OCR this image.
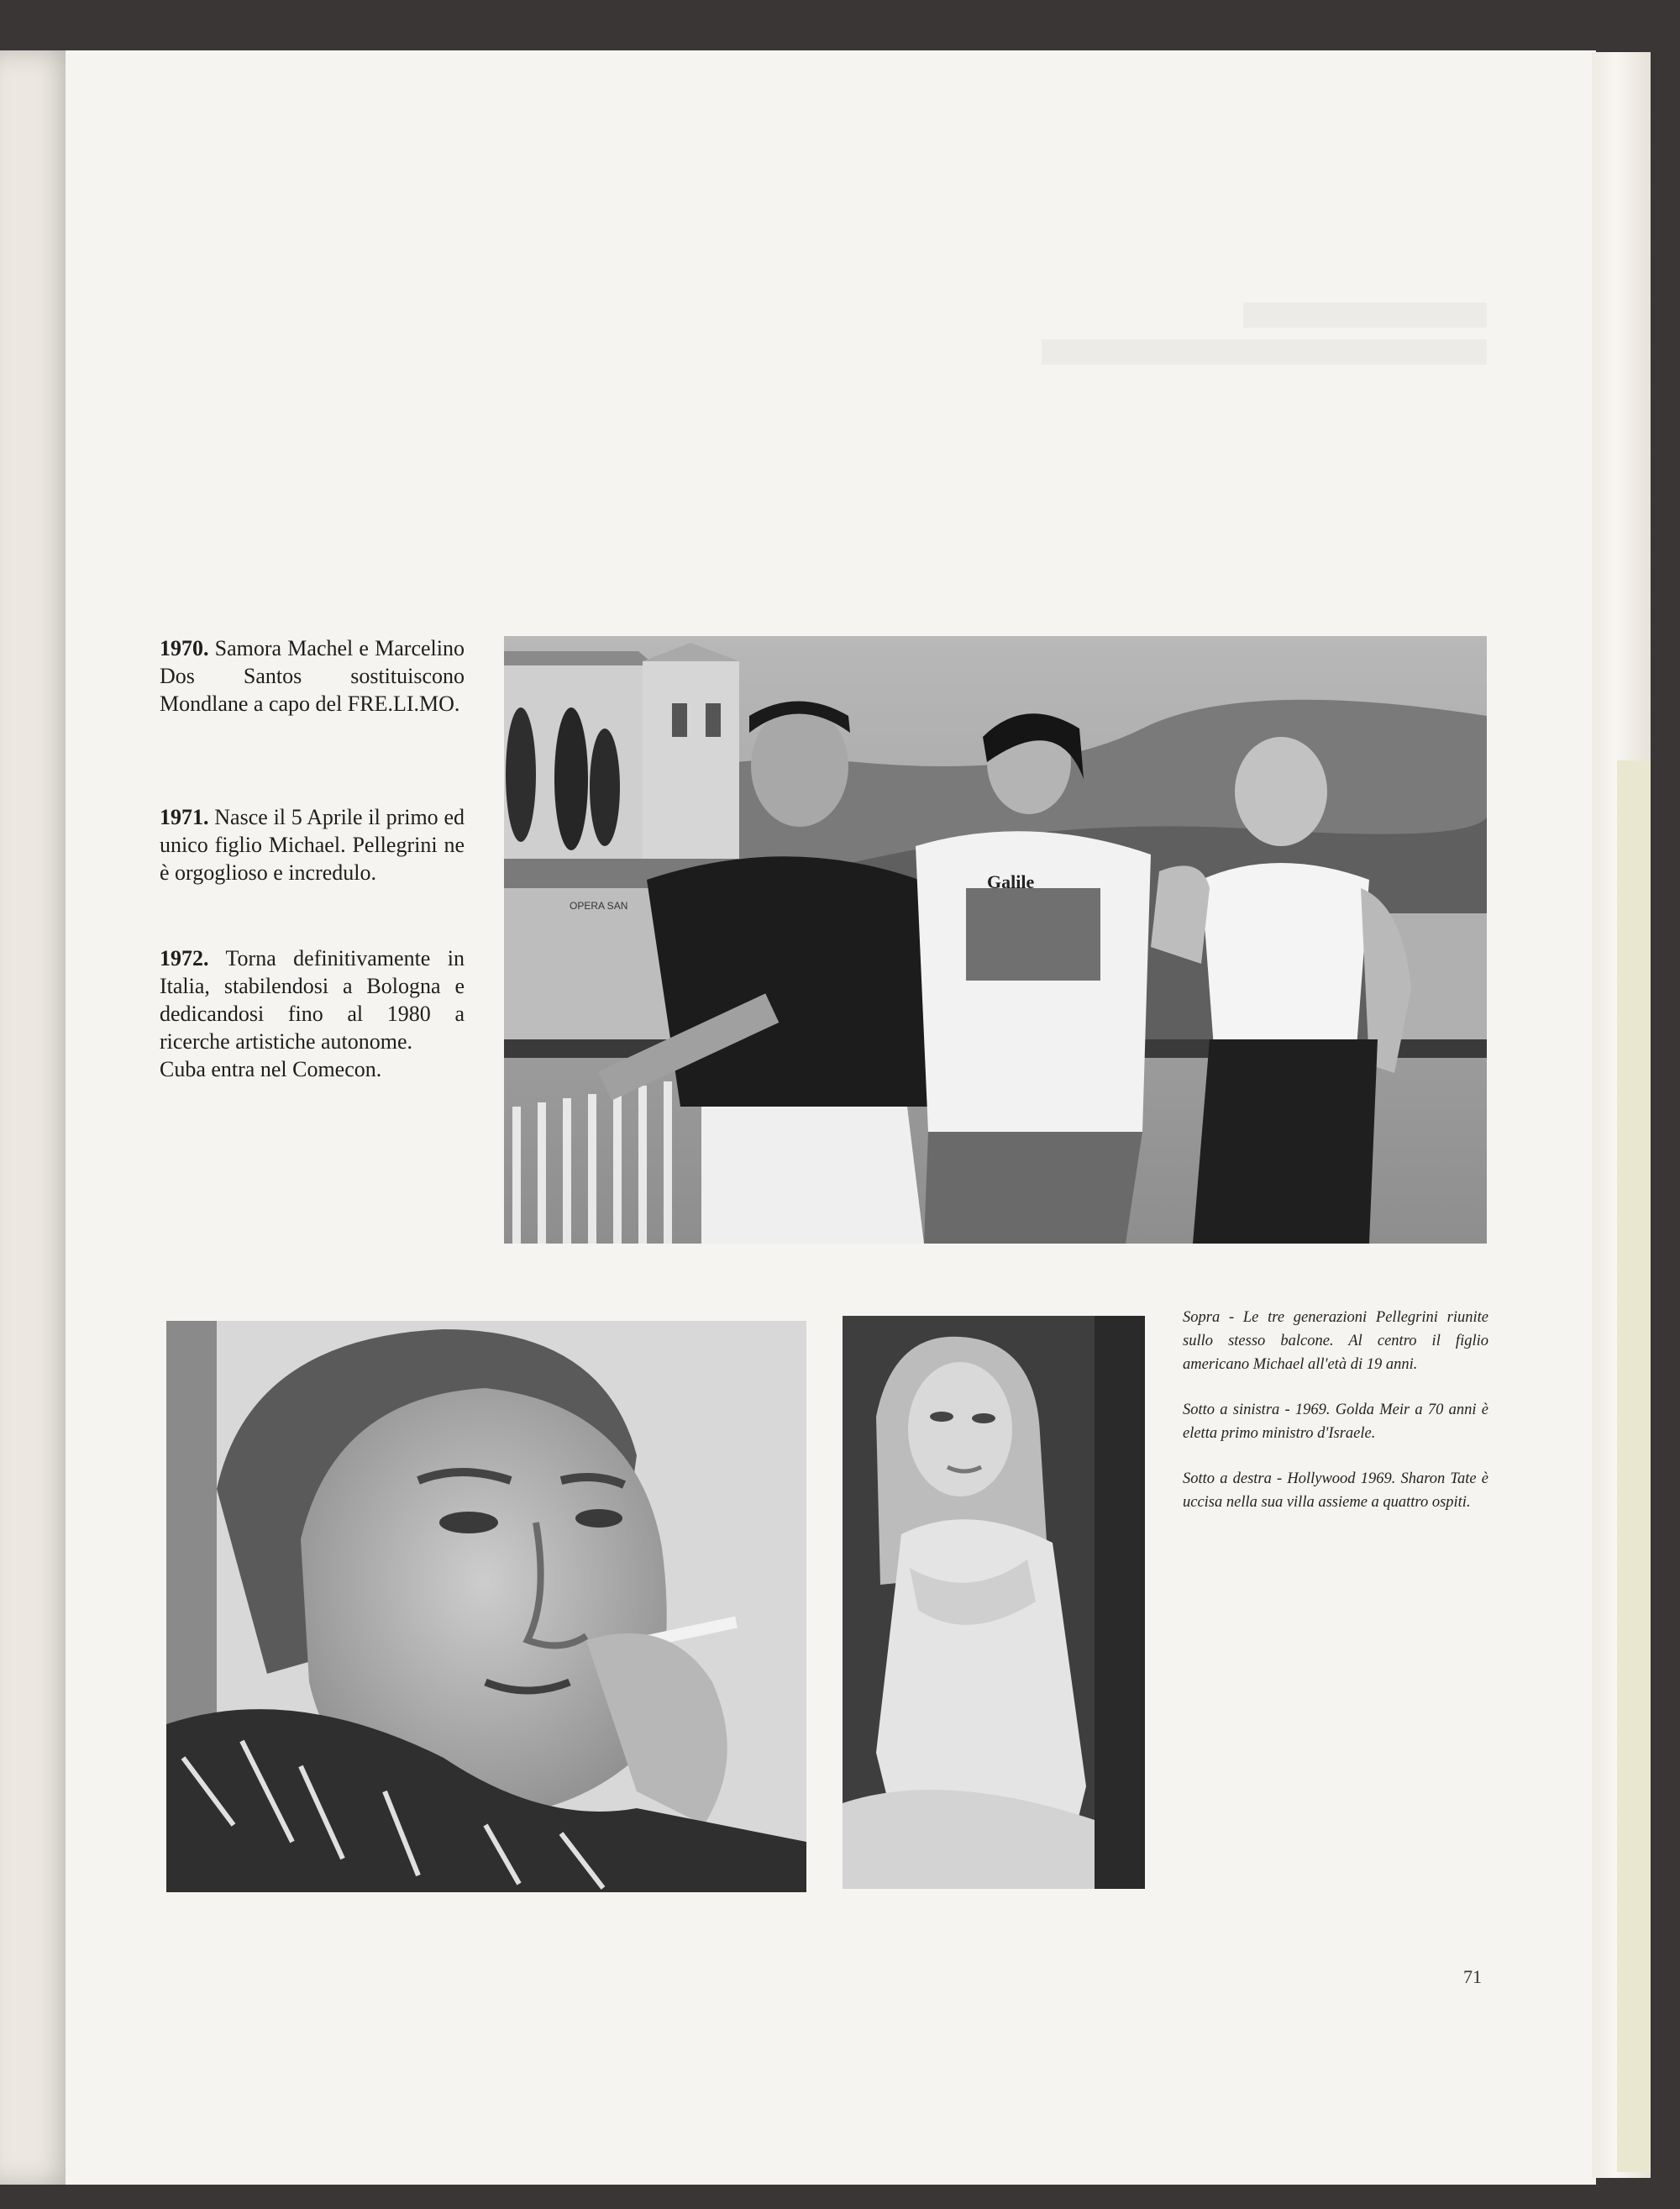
1970. Samora Machel e Marcelino Dos Santos sostituiscono Mondlane a capo del FRE.LI.MO.
1971. Nasce il 5 Aprile il primo ed unico figlio Michael. Pellegrini ne è orgoglioso e incredulo.
1972. Torna definitivamente in Italia, stabilendosi a Bologna e dedicandosi fino al 1980 a ricerche artistiche autonome.
Cuba entra nel Comecon.
OPERA SAN
Galile

Sopra - Le tre generazioni Pellegrini riunite sullo stesso balcone. Al centro il figlio americano Michael all'età di 19 anni.

Sotto a sinistra - 1969. Golda Meir a 70 anni è eletta primo ministro d'Israele.

Sotto a destra - Hollywood 1969. Sharon Tate è uccisa nella sua villa assieme a quattro ospiti.

71
